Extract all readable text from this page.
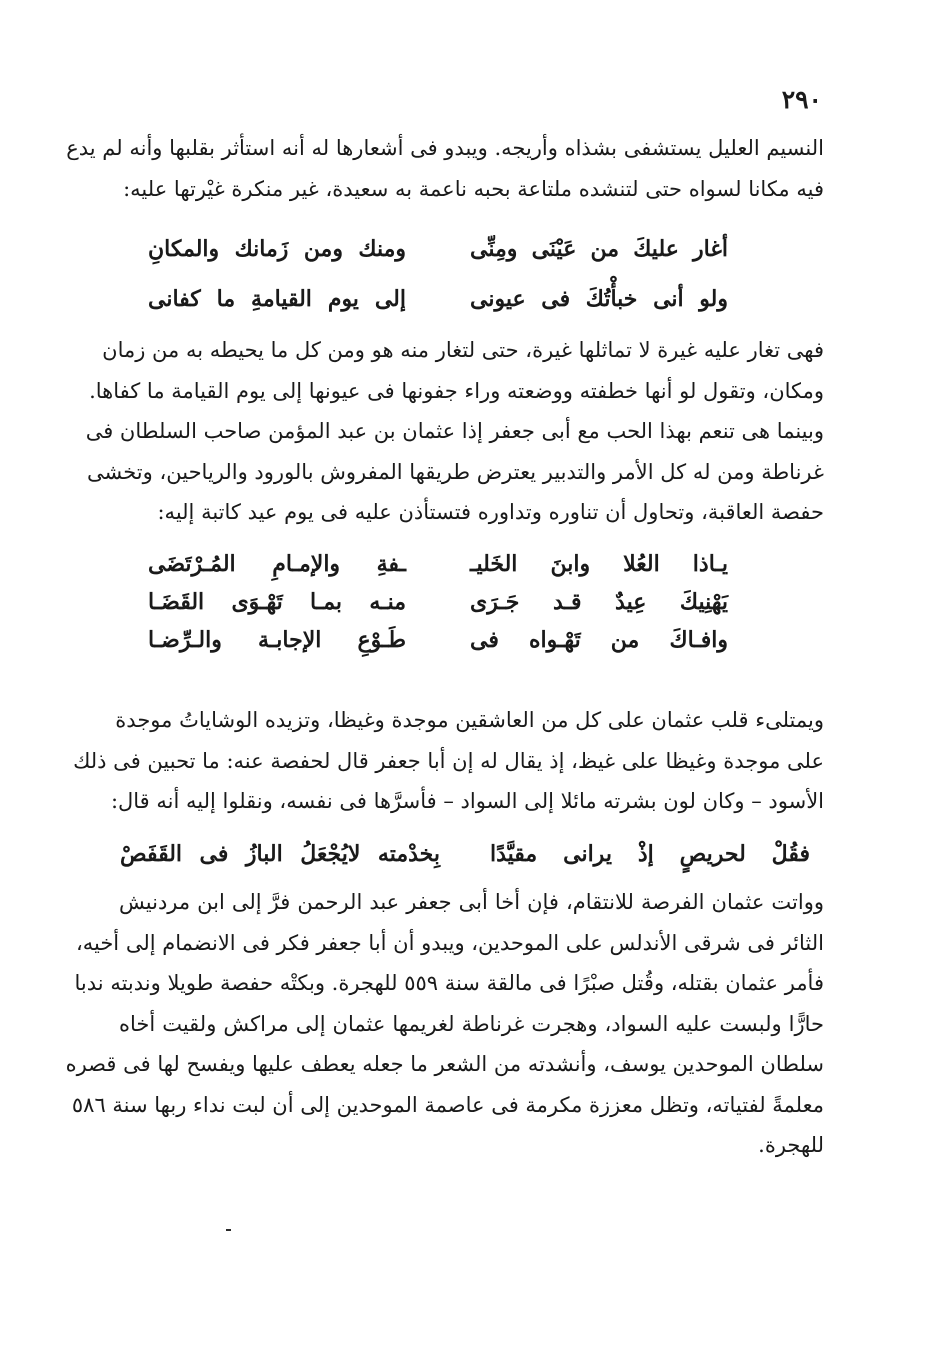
٢٩٠
النسيم العليل يستشفى بشذاه وأريجه. ويبدو فى أشعارها له أنه استأثر بقلبها وأنه لم يدع
فيه مكانا لسواه حتى لتنشده ملتاعة بحبه ناعمة به سعيدة، غير منكرة غيْرتها عليه:
أغار عليكَ من عَيْنَى ومِنِّى
ومنك ومن زَمانك والمكانِ
ولو أنى خبأْتُكَ فى عيونى
إلى يوم القيامةِ ما كفانى
فهى تغار عليه غيرة لا تماثلها غيرة، حتى لتغار منه هو ومن كل ما يحيطه به من زمان
ومكان، وتقول لو أنها خطفته ووضعته وراء جفونها فى عيونها إلى يوم القيامة ما كفاها.
وبينما هى تنعم بهذا الحب مع أبى جعفر إذا عثمان بن عبد المؤمن صاحب السلطان فى
غرناطة ومن له كل الأمر والتدبير يعترض طريقها المفروش بالورود والرياحين، وتخشى
حفصة العاقبة، وتحاول أن تناوره وتداوره فتستأذن عليه فى يوم عيد كاتبة إليه:
يـاذا العُلا وابنَ الخَليـ
ـفةِ والإمـامِ المُـرْتَضَى
يَهْنِيكَ عِيدٌ قـد جَـرَى
منـه بمـا تَهْـوَى القَضَـا
وافـاكَ من تَهْـواه فى
طَـوْعِ الإجابـة والـرِّضـا
ويمتلىء قلب عثمان على كل من العاشقين موجدة وغيظا، وتزيده الوشاياتُ موجدة
على موجدة وغيظا على غيظ، إذ يقال له إن أبا جعفر قال لحفصة عنه: ما تحبين فى ذلك
الأسود – وكان لون بشرته مائلا إلى السواد – فأسرَّها فى نفسه، ونقلوا إليه أنه قال:
فقُلْ لحريصٍ إذْ يرانى مقيَّدًا
بِخدْمته لايُجْعَلُ البازُ فى القَفَصْ
وواتت عثمان الفرصة للانتقام، فإن أخا أبى جعفر عبد الرحمن فرَّ إلى ابن مردنيش
الثائر فى شرقى الأندلس على الموحدين، ويبدو أن أبا جعفر فكر فى الانضمام إلى أخيه،
فأمر عثمان بقتله، وقُتل صبْرًا فى مالقة سنة ٥٥٩ للهجرة. وبكتْه حفصة طويلا وندبته ندبا
حارًّا ولبست عليه السواد، وهجرت غرناطة لغريمها عثمان إلى مراكش ولقيت أخاه
سلطان الموحدين يوسف، وأنشدته من الشعر ما جعله يعطف عليها ويفسح لها فى قصره
معلمةً لفتياته، وتظل معززة مكرمة فى عاصمة الموحدين إلى أن لبت نداء ربها سنة ٥٨٦
للهجرة.
